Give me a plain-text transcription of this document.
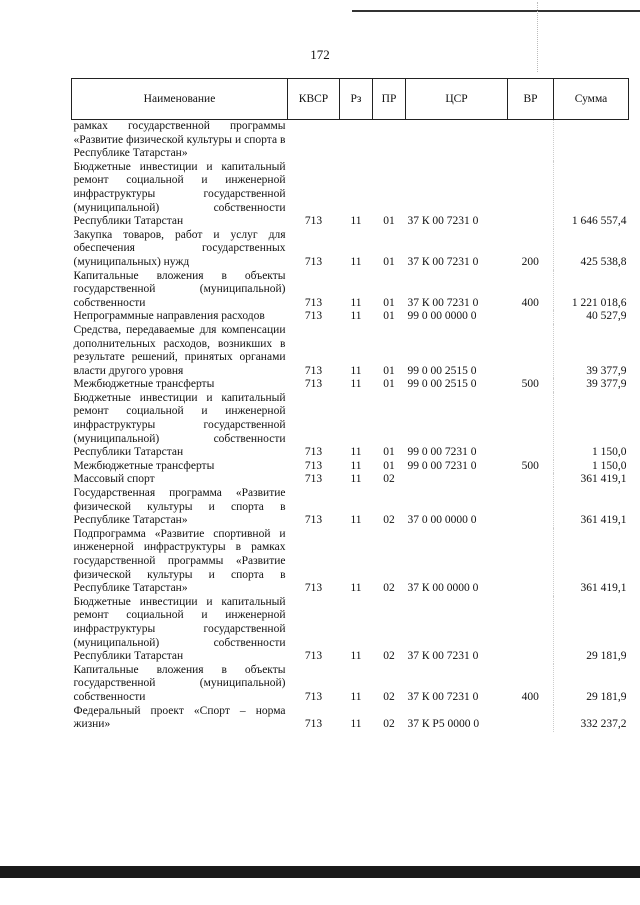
172
Наименование	КВСР	Рз	ПР	ЦСР	ВР	Сумма
рамках государственной программы «Развитие физической культуры и спорта в Республике Татарстан»						
Бюджетные инвестиции и капитальный ремонт социальной и инженерной инфраструктуры государственной (муниципальной) собственности Республики Татарстан	713	11	01	37 К 00 7231 0		1 646 557,4
Закупка товаров, работ и услуг для обеспечения государственных (муниципальных) нужд	713	11	01	37 К 00 7231 0	200	425 538,8
Капитальные вложения в объекты государственной (муниципальной) собственности	713	11	01	37 К 00 7231 0	400	1 221 018,6
Непрограммные направления расходов	713	11	01	99 0 00 0000 0		40 527,9
Средства, передаваемые для компенсации дополнительных расходов, возникших в результате решений, принятых органами власти другого уровня	713	11	01	99 0 00 2515 0		39 377,9
Межбюджетные трансферты	713	11	01	99 0 00 2515 0	500	39 377,9
Бюджетные инвестиции и капитальный ремонт социальной и инженерной инфраструктуры государственной (муниципальной) собственности Республики Татарстан	713	11	01	99 0 00 7231 0		1 150,0
Межбюджетные трансферты	713	11	01	99 0 00 7231 0	500	1 150,0
Массовый спорт	713	11	02			361 419,1
Государственная программа «Развитие физической культуры и спорта в Республике Татарстан»	713	11	02	37 0 00 0000 0		361 419,1
Подпрограмма «Развитие спортивной и инженерной инфраструктуры в рамках государственной программы «Развитие физической культуры и спорта в Республике Татарстан»	713	11	02	37 К 00 0000 0		361 419,1
Бюджетные инвестиции и капитальный ремонт социальной и инженерной инфраструктуры государственной (муниципальной) собственности Республики Татарстан	713	11	02	37 К 00 7231 0		29 181,9
Капитальные вложения в объекты государственной (муниципальной) собственности	713	11	02	37 К 00 7231 0	400	29 181,9
Федеральный проект «Спорт – норма жизни»	713	11	02	37 К P5 0000 0		332 237,2
